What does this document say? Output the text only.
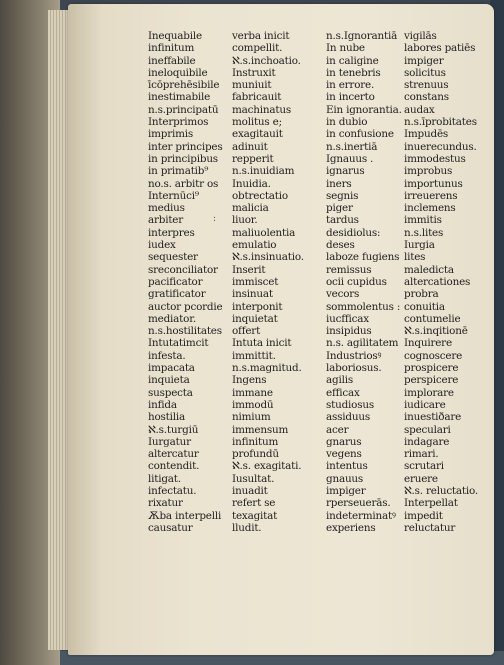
:
Inequabile
infinitum
ineffabile
ineloquibile
īcōprehēsibile
inestimabile
n.s.principatū
Interprimos
imprimis
inter principes
in principibus
in primatib⁹
no.s. arbitr os
Internūci⁹
medius
arbiter
interpres
iudex
sequester
sreconciliator
pacificator
gratificator
auctor pcordie
mediator.
n.s.hostilitates
Intutatimcit
infesta.
impacata
inquieta
suspecta
infida
hostilia
ℵ.s.turgiū
Iurgatur
altercatur
contendit.
litigat.
infectatu.
rixatur
Ѫba interpelli
causatur
verba inicit
compellit.
ℵ.s.inchoatio.
Instruxit
muniuit
fabricauit
machinatus
molitus e;
exagitauit
adinuit
repperit
n.s.inuidiam
Inuidia.
obtrectatio
malicia
liuor.
maliuolentia
emulatio
ℵ.s.insinuatio.
Inserit
immiscet
insinuat
interponit
inquietat
offert
Intuta inicit
immittit.
n.s.magnitud.
Ingens
immane
immodū
nimium
immensum
infinitum
profundū
ℵ.s. exagitati.
Iusultat.
inuadit
refert se
texagitat
lludit.
n.s.Ignorantiā
In nube
in caligine
in tenebris
in errore.
in incerto
Ein ignorantia.
in dubio
in confusione
n.s.inertiā
Ignauus .
ignarus
iners
segnis
piger
tardus
desidiolus:
deses
laboze fugiens
remissus
ocii cupidus
vecors
sommolentus :
iucfficax
insipidus
n.s. agilitatem
Industriosꝰ
laboriosus.
agilis
efficax
studiosus
assiduus
acer
gnarus
vegens
intentus
gnauus
impiger
rperseuerās.
indeterminatꝰ
experiens
vigilās
labores patiēs
impiger
solicitus
strenuus
constans
audax
n.s.īprobitates
Impudēs
inuerecundus.
immodestus
improbus
importunus
irreuerens
inclemens
immitis
n.s.lites
Iurgia
lites
maledicta
altercationes
probra
conuitia
contumelie
ℵ.s.inqitionē
Inquirere
cognoscere
prospicere
perspicere
implorare
iudicare
inuestiðare
speculari
indagare
rimari.
scrutari
eruere
ℵ.s. reluctatio.
Interpellat
impedit
reluctatur
